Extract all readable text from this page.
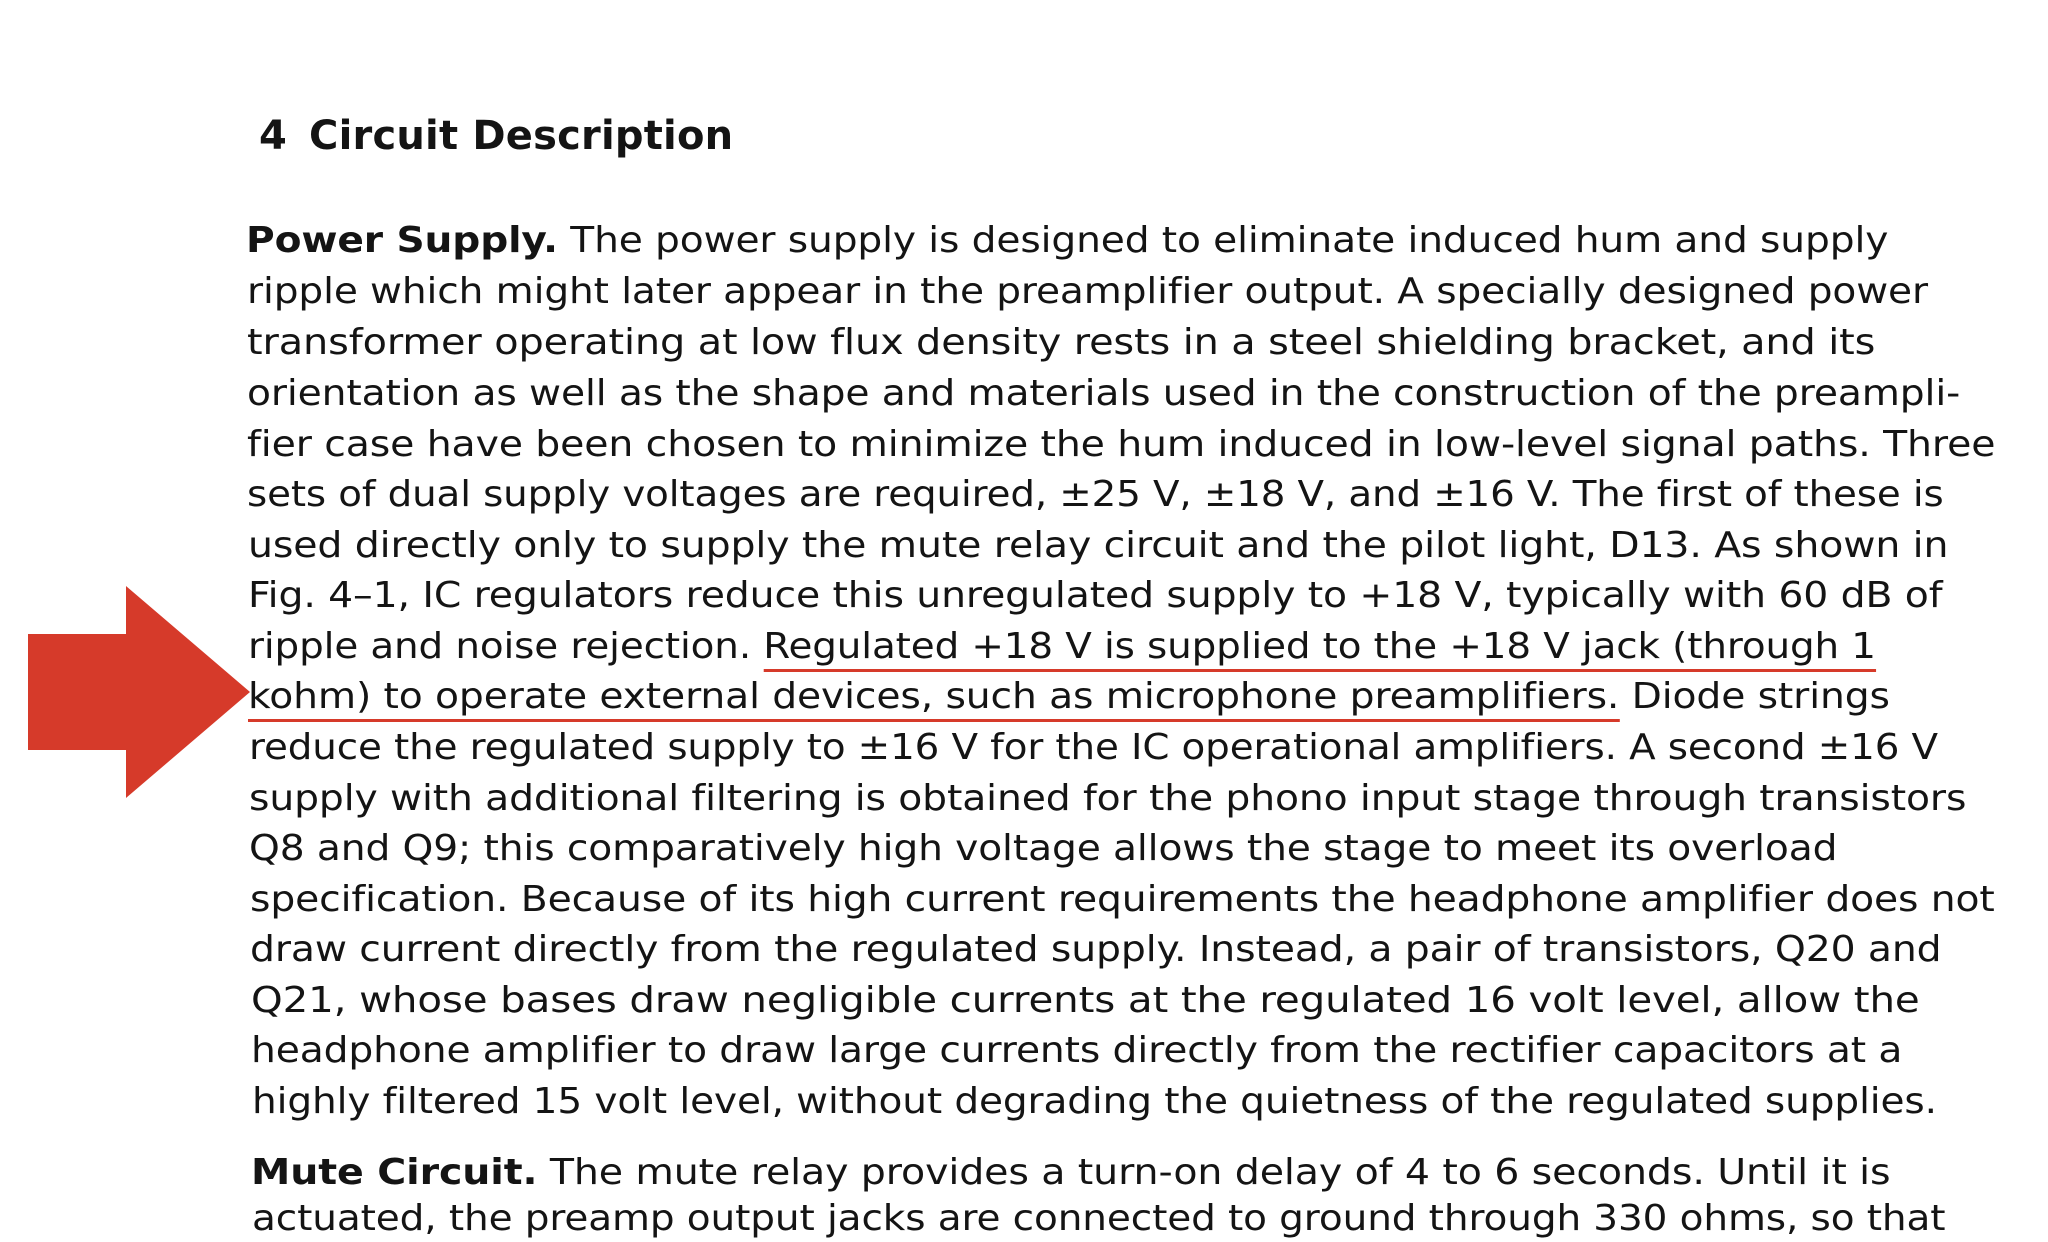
4 Circuit Description
Power Supply. The power supply is designed to eliminate induced hum and supply
ripple which might later appear in the preamplifier output. A specially designed power
transformer operating at low flux density rests in a steel shielding bracket, and its
orientation as well as the shape and materials used in the construction of the preampli-
fier case have been chosen to minimize the hum induced in low-level signal paths. Three
sets of dual supply voltages are required, ±25 V, ±18 V, and ±16 V. The first of these is
used directly only to supply the mute relay circuit and the pilot light, D13. As shown in
Fig. 4–1, IC regulators reduce this unregulated supply to +18 V, typically with 60 dB of
ripple and noise rejection. Regulated +18 V is supplied to the +18 V jack (through 1
kohm) to operate external devices, such as microphone preamplifiers. Diode strings
reduce the regulated supply to ±16 V for the IC operational amplifiers. A second ±16 V
supply with additional filtering is obtained for the phono input stage through transistors
Q8 and Q9; this comparatively high voltage allows the stage to meet its overload
specification. Because of its high current requirements the headphone amplifier does not
draw current directly from the regulated supply. Instead, a pair of transistors, Q20 and
Q21, whose bases draw negligible currents at the regulated 16 volt level, allow the
headphone amplifier to draw large currents directly from the rectifier capacitors at a
highly filtered 15 volt level, without degrading the quietness of the regulated supplies.
Mute Circuit. The mute relay provides a turn-on delay of 4 to 6 seconds. Until it is
actuated, the preamp output jacks are connected to ground through 330 ohms, so that
